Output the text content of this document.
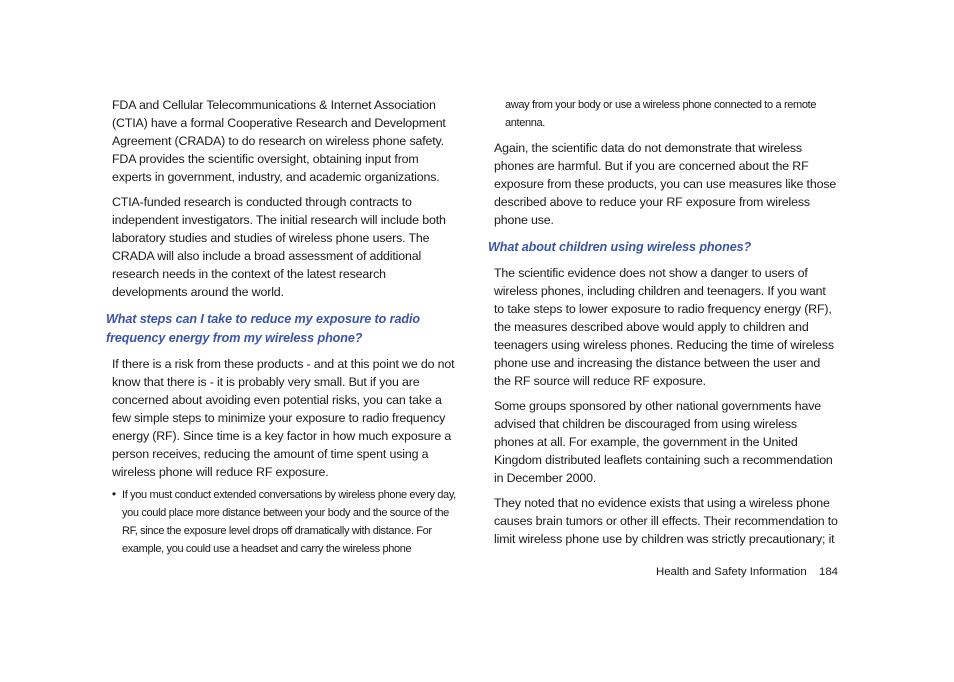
FDA and Cellular Telecommunications & Internet Association (CTIA) have a formal Cooperative Research and Development Agreement (CRADA) to do research on wireless phone safety. FDA provides the scientific oversight, obtaining input from experts in government, industry, and academic organizations.

CTIA-funded research is conducted through contracts to independent investigators. The initial research will include both laboratory studies and studies of wireless phone users. The CRADA will also include a broad assessment of additional research needs in the context of the latest research developments around the world.

What steps can I take to reduce my exposure to radio frequency energy from my wireless phone?

If there is a risk from these products - and at this point we do not know that there is - it is probably very small. But if you are concerned about avoiding even potential risks, you can take a few simple steps to minimize your exposure to radio frequency energy (RF). Since time is a key factor in how much exposure a person receives, reducing the amount of time spent using a wireless phone will reduce RF exposure.

• If you must conduct extended conversations by wireless phone every day, you could place more distance between your body and the source of the RF, since the exposure level drops off dramatically with distance. For example, you could use a headset and carry the wireless phone

away from your body or use a wireless phone connected to a remote antenna.

Again, the scientific data do not demonstrate that wireless phones are harmful. But if you are concerned about the RF exposure from these products, you can use measures like those described above to reduce your RF exposure from wireless phone use.

What about children using wireless phones?

The scientific evidence does not show a danger to users of wireless phones, including children and teenagers. If you want to take steps to lower exposure to radio frequency energy (RF), the measures described above would apply to children and teenagers using wireless phones. Reducing the time of wireless phone use and increasing the distance between the user and the RF source will reduce RF exposure.

Some groups sponsored by other national governments have advised that children be discouraged from using wireless phones at all. For example, the government in the United Kingdom distributed leaflets containing such a recommendation in December 2000.

They noted that no evidence exists that using a wireless phone causes brain tumors or other ill effects. Their recommendation to limit wireless phone use by children was strictly precautionary; it

Health and Safety Information 184
